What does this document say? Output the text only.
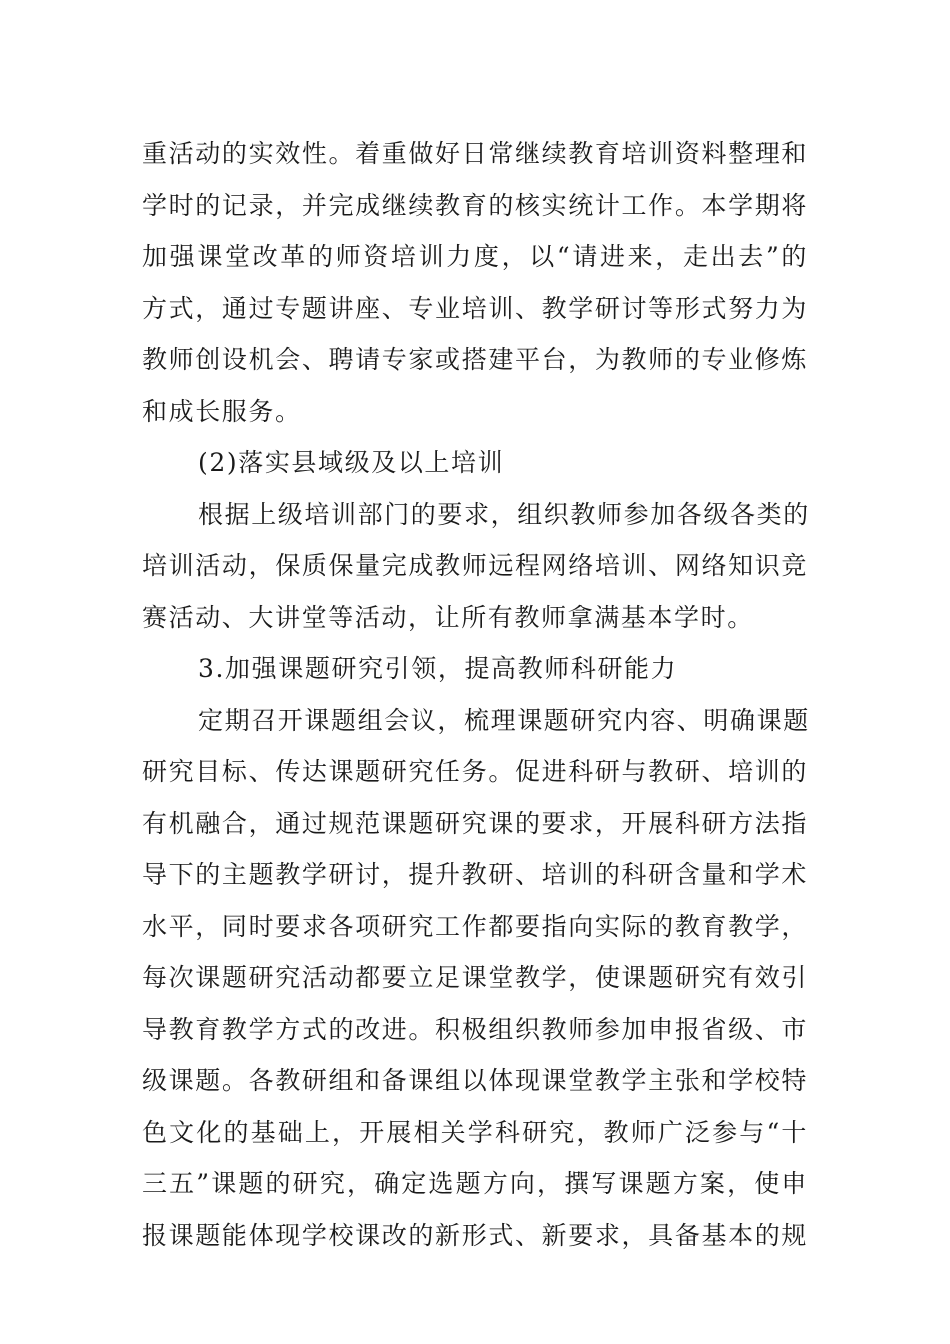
重活动的实效性。着重做好日常继续教育培训资料整理和
学时的记录，并完成继续教育的核实统计工作。本学期将
加强课堂改革的师资培训力度，以“请进来，走出去”的
方式，通过专题讲座、专业培训、教学研讨等形式努力为
教师创设机会、聘请专家或搭建平台，为教师的专业修炼
和成长服务。

(2)落实县域级及以上培训

根据上级培训部门的要求，组织教师参加各级各类的
培训活动，保质保量完成教师远程网络培训、网络知识竞
赛活动、大讲堂等活动，让所有教师拿满基本学时。

3.加强课题研究引领，提高教师科研能力

定期召开课题组会议，梳理课题研究内容、明确课题
研究目标、传达课题研究任务。促进科研与教研、培训的
有机融合，通过规范课题研究课的要求，开展科研方法指
导下的主题教学研讨，提升教研、培训的科研含量和学术
水平，同时要求各项研究工作都要指向实际的教育教学，
每次课题研究活动都要立足课堂教学，使课题研究有效引
导教育教学方式的改进。积极组织教师参加申报省级、市
级课题。各教研组和备课组以体现课堂教学主张和学校特
色文化的基础上，开展相关学科研究，教师广泛参与“十
三五”课题的研究，确定选题方向，撰写课题方案，使申
报课题能体现学校课改的新形式、新要求，具备基本的规
